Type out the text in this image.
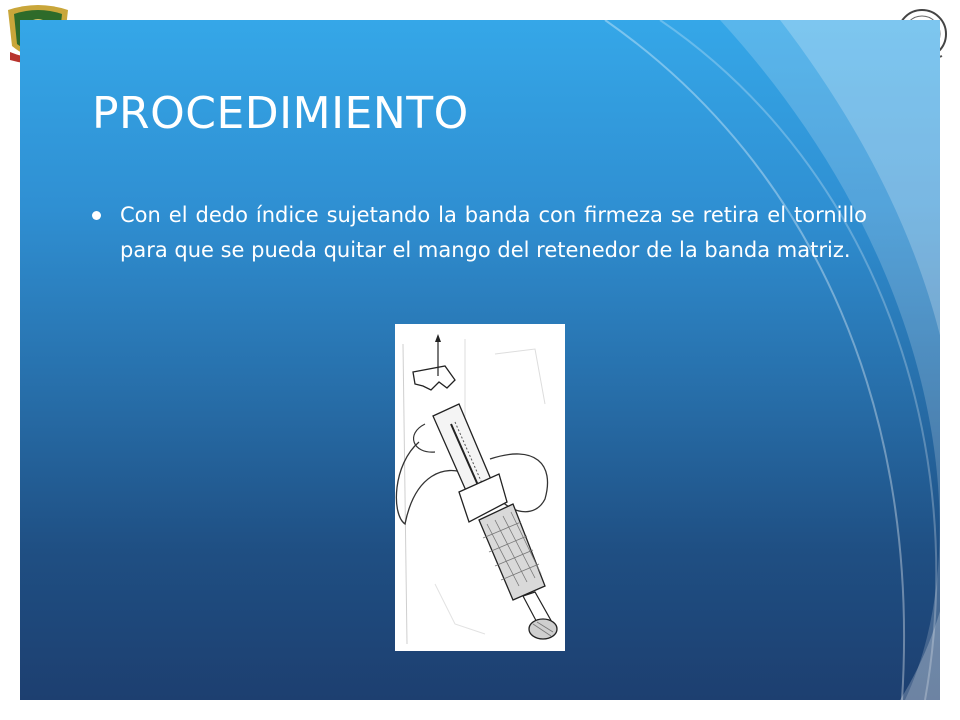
PROCEDIMIENTO
Con el dedo índice sujetando la banda con firmeza se retira el tornillo para que se pueda quitar el mango del retenedor de la banda matriz.
